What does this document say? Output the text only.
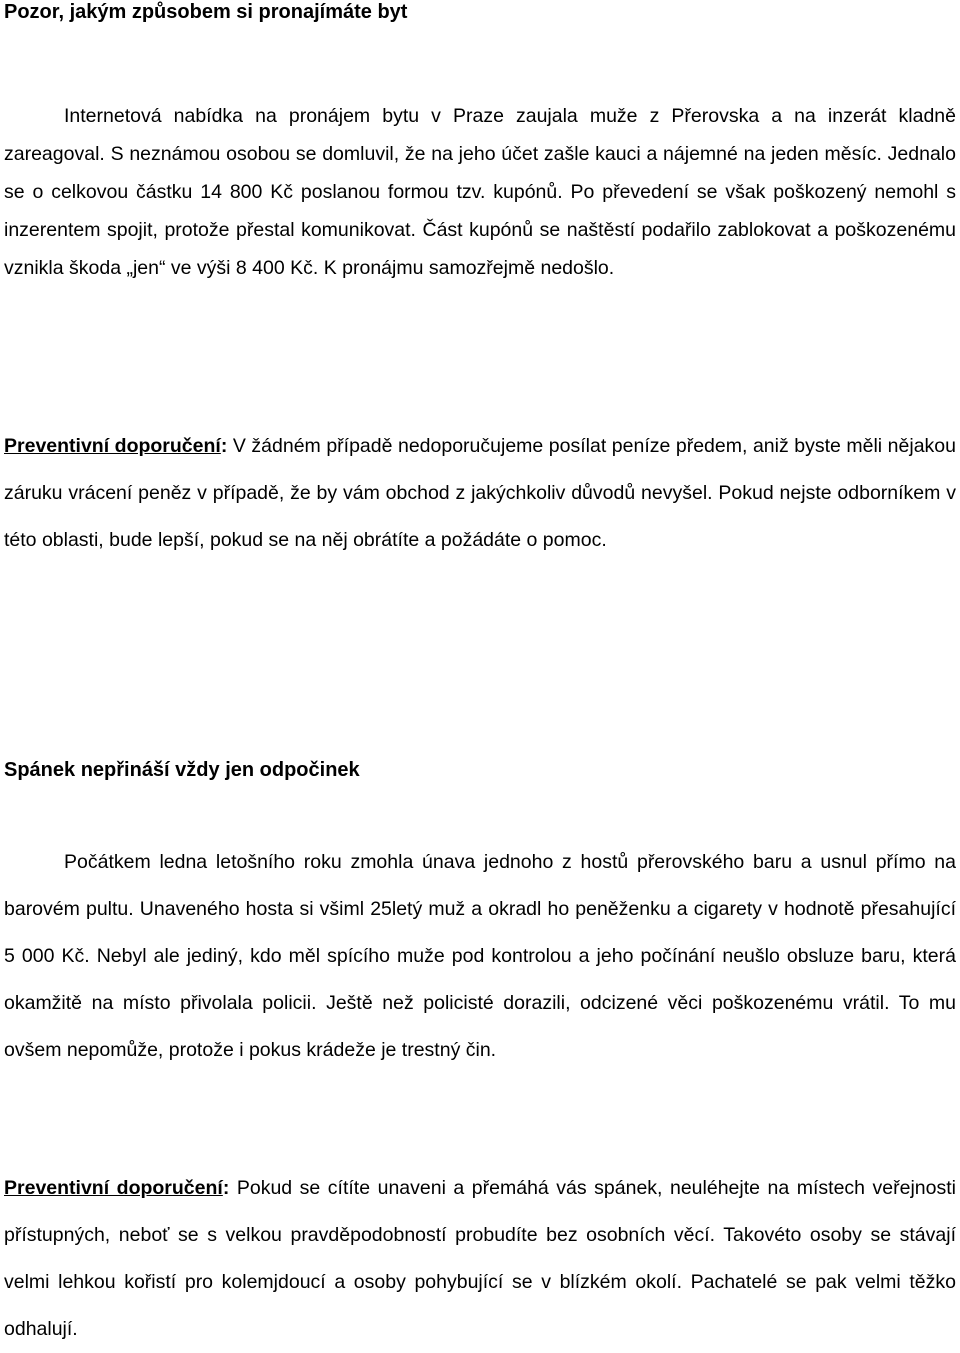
Pozor, jakým způsobem si pronajímáte byt

Internetová nabídka na pronájem bytu v Praze zaujala muže z Přerovska a na inzerát kladně zareagoval. S neznámou osobou se domluvil, že na jeho účet zašle kauci a nájemné na jeden měsíc. Jednalo se o celkovou částku 14 800 Kč poslanou formou tzv. kupónů. Po převedení se však poškozený nemohl s inzerentem spojit, protože přestal komunikovat. Část kupónů se naštěstí podařilo zablokovat a poškozenému vznikla škoda „jen“ ve výši 8 400 Kč. K pronájmu samozřejmě nedošlo.

Preventivní doporučení: V žádném případě nedoporučujeme posílat peníze předem, aniž byste měli nějakou záruku vrácení peněz v případě, že by vám obchod z jakýchkoliv důvodů nevyšel. Pokud nejste odborníkem v této oblasti, bude lepší, pokud se na něj obrátíte a požádáte o pomoc.

Spánek nepřináší vždy jen odpočinek

Počátkem ledna letošního roku zmohla únava jednoho z hostů přerovského baru a usnul přímo na barovém pultu. Unaveného hosta si všiml 25letý muž a okradl ho peněženku a cigarety v hodnotě přesahující 5 000 Kč. Nebyl ale jediný, kdo měl spícího muže pod kontrolou a jeho počínání neušlo obsluze baru, která okamžitě na místo přivolala policii. Ještě než policisté dorazili, odcizené věci poškozenému vrátil. To mu ovšem nepomůže, protože i pokus krádeže je trestný čin.

Preventivní doporučení: Pokud se cítíte unaveni a přemáhá vás spánek, neuléhejte na místech veřejnosti přístupných, neboť se s velkou pravděpodobností probudíte bez osobních věcí. Takovéto osoby se stávají velmi lehkou kořistí pro kolemjdoucí a osoby pohybující se v blízkém okolí. Pachatelé se pak velmi těžko odhalují.
